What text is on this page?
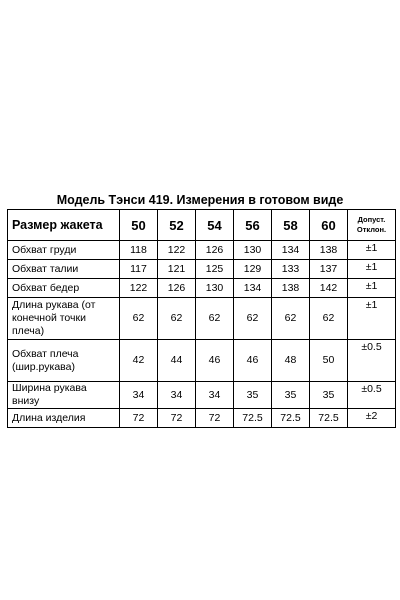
Модель Тэнси 419. Измерения в готовом виде
Размер жакета	50	52	54	56	58	60	Допуст.
Отклон.
Обхват груди	118	122	126	130	134	138	±1
Обхват талии	117	121	125	129	133	137	±1
Обхват бедер	122	126	130	134	138	142	±1
Длина рукава (от конечной точки плеча)	62	62	62	62	62	62	±1
Обхват плеча (шир.рукава)	42	44	46	46	48	50	±0.5
Ширина рукава внизу	34	34	34	35	35	35	±0.5
Длина изделия	72	72	72	72.5	72.5	72.5	±2
